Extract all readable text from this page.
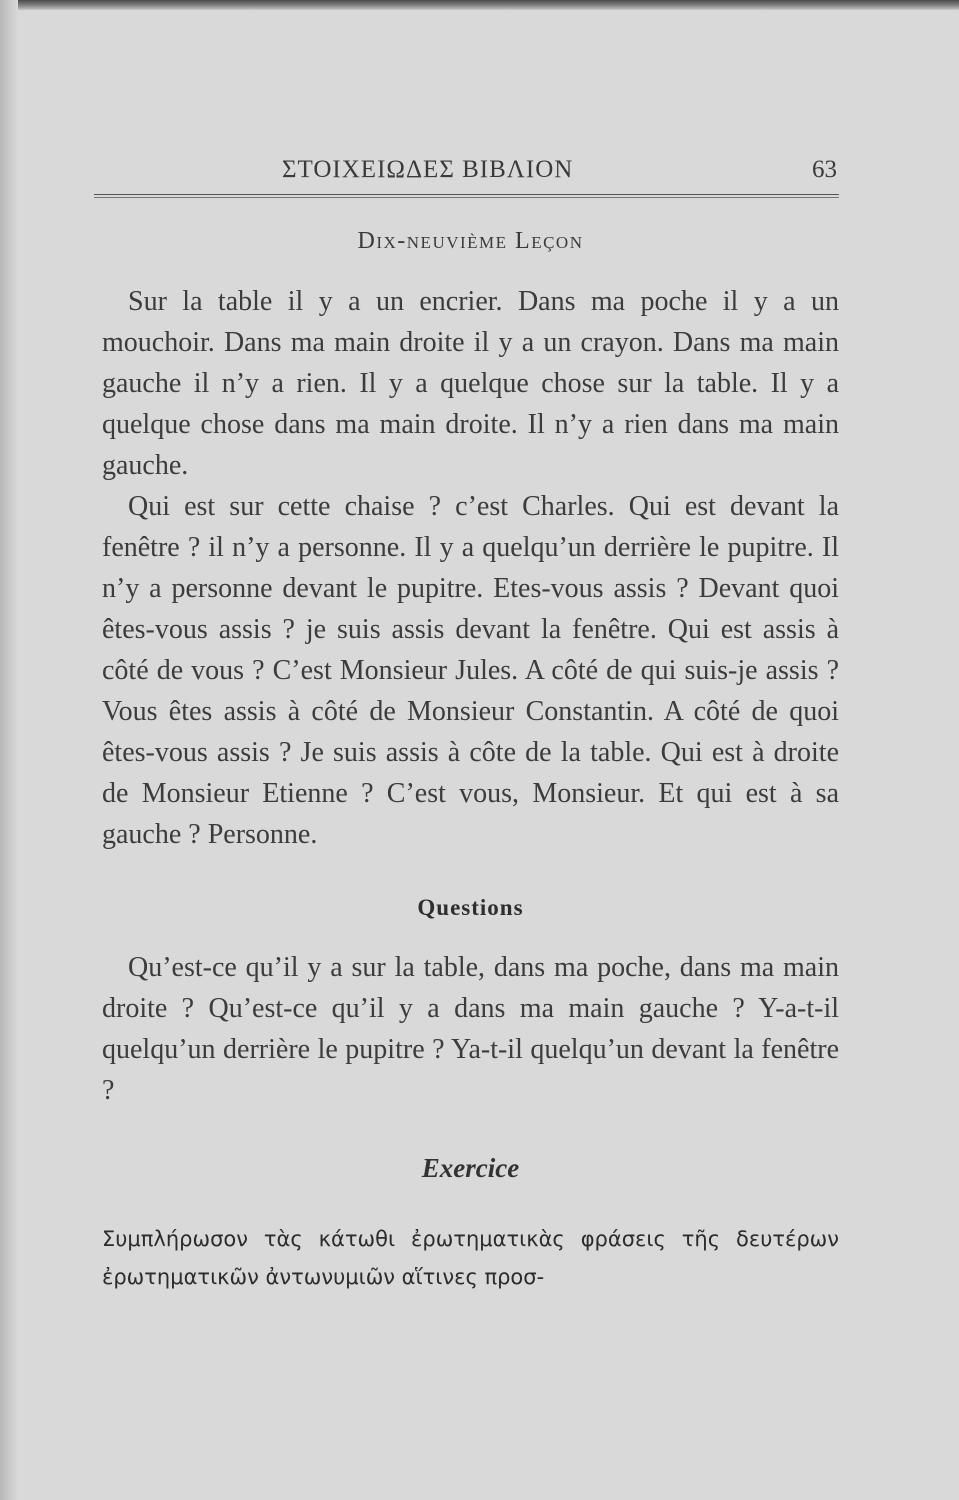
ΣΤΟΙΧΕΙΩΔΕΣ ΒΙΒΛΙΟΝ	63
Dix-neuvième Leçon

Sur la table il y a un encrier. Dans ma poche il y a un mouchoir. Dans ma main droite il y a un crayon. Dans ma main gauche il n’y a rien. Il y a quelque chose sur la table. Il y a quelque chose dans ma main droite. Il n’y a rien dans ma main gauche.

Qui est sur cette chaise ? c’est Charles. Qui est devant la fenêtre ? il n’y a personne. Il y a quelqu’un derrière le pupitre. Il n’y a personne devant le pupitre. Etes-vous assis ? Devant quoi êtes-vous assis ? je suis assis devant la fenêtre. Qui est assis à côté de vous ? C’est Monsieur Jules. A côté de qui suis-je assis ? Vous êtes assis à côté de Monsieur Constantin. A côté de quoi êtes-vous assis ? Je suis assis à côte de la table. Qui est à droite de Monsieur Etienne ? C’est vous, Monsieur. Et qui est à sa gauche ? Personne.

Questions

Qu’est-ce qu’il y a sur la table, dans ma poche, dans ma main droite ? Qu’est-ce qu’il y a dans ma main gauche ? Y-a-t-il quelqu’un derrière le pupitre ? Ya-t-il quelqu’un devant la fenêtre ?

Exercice

Συμπλήρωσον τὰς κάτωθι ἐρωτηματικὰς φράσεις τῆς δευτέρων ἐρωτηματικῶν ἀντωνυμιῶν αἵτινες προσ-
